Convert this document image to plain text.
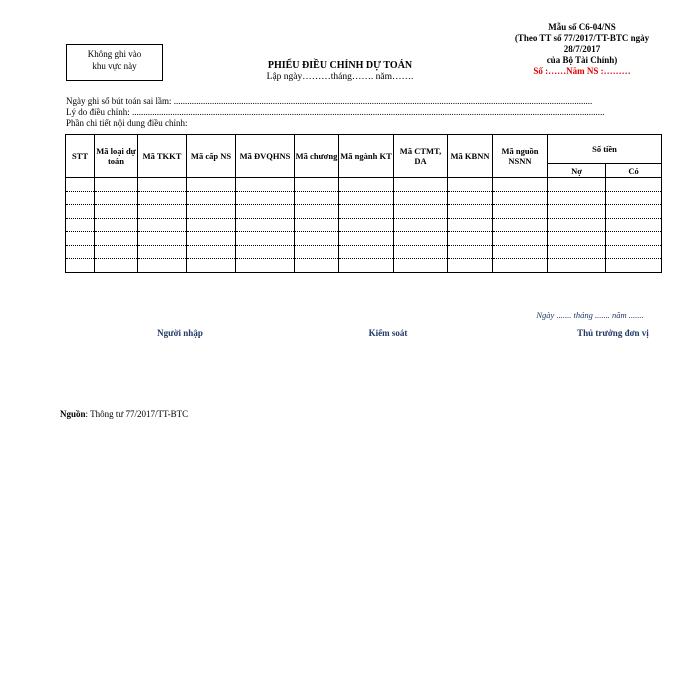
Không ghi vào
khu vực này
Mẫu số C6-04/NS
(Theo TT số 77/2017/TT-BTC ngày
28/7/2017
của Bộ Tài Chính)
Số :……Năm NS :………
PHIẾU ĐIỀU CHỈNH DỰ TOÁN
Lập ngày………tháng……. năm…….
Ngày ghi sổ bút toán sai lầm: ..........................................................................................................................................................................................
Lý do điều chỉnh: ..................................................................................................................................................................................................................
Phần chi tiết nội dung điều chỉnh:
STT	Mã loại dự toán	Mã TKKT	Mã cấp NS	Mã ĐVQHNS	Mã chương	Mã ngành KT	Mã CTMT, DA	Mã KBNN	Mã nguồn NSNN	Số tiền	
										Nợ	Có

Ngày ....... tháng ....... năm .......
Người nhập	Kiểm soát	Thủ trưởng đơn vị
Nguồn: Thông tư 77/2017/TT-BTC
